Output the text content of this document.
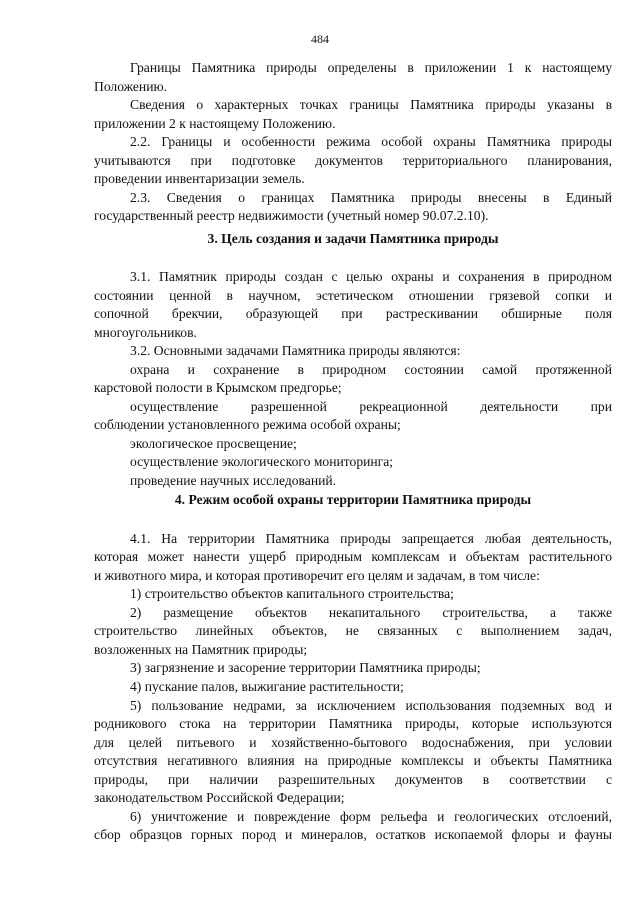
484
Границы Памятника природы определены в приложении 1 к настоящему
Положению.
Сведения о характерных точках границы Памятника природы указаны в
приложении 2 к настоящему Положению.
2.2. Границы и особенности режима особой охраны Памятника природы
учитываются при подготовке документов территориального планирования,
проведении инвентаризации земель.
2.3. Сведения о границах Памятника природы внесены в Единый
государственный реестр недвижимости (учетный номер 90.07.2.10).
3.1. Памятник природы создан с целью охраны и сохранения в природном
состоянии ценной в научном, эстетическом отношении грязевой сопки и
сопочной брекчии, образующей при растрескивании обширные поля
многоугольников.
3.2. Основными задачами Памятника природы являются:
охрана и сохранение в природном состоянии самой протяженной
карстовой полости в Крымском предгорье;
осуществление разрешенной рекреационной деятельности при
соблюдении установленного режима особой охраны;
экологическое просвещение;
осуществление экологического мониторинга;
проведение научных исследований.
4.1. На территории Памятника природы запрещается любая деятельность,
которая может нанести ущерб природным комплексам и объектам растительного
и животного мира, и которая противоречит его целям и задачам, в том числе:
1) строительство объектов капитального строительства;
2) размещение объектов некапитального строительства, а также
строительство линейных объектов, не связанных с выполнением задач,
возложенных на Памятник природы;
3) загрязнение и засорение территории Памятника природы;
4) пускание палов, выжигание растительности;
5) пользование недрами, за исключением использования подземных вод и
родникового стока на территории Памятника природы, которые используются
для целей питьевого и хозяйственно-бытового водоснабжения, при условии
отсутствия негативного влияния на природные комплексы и объекты Памятника
природы, при наличии разрешительных документов в соответствии с
законодательством Российской Федерации;
6) уничтожение и повреждение форм рельефа и геологических отслоений,
сбор образцов горных пород и минералов, остатков ископаемой флоры и фауны
3. Цель создания и задачи Памятника природы
4. Режим особой охраны территории Памятника природы
